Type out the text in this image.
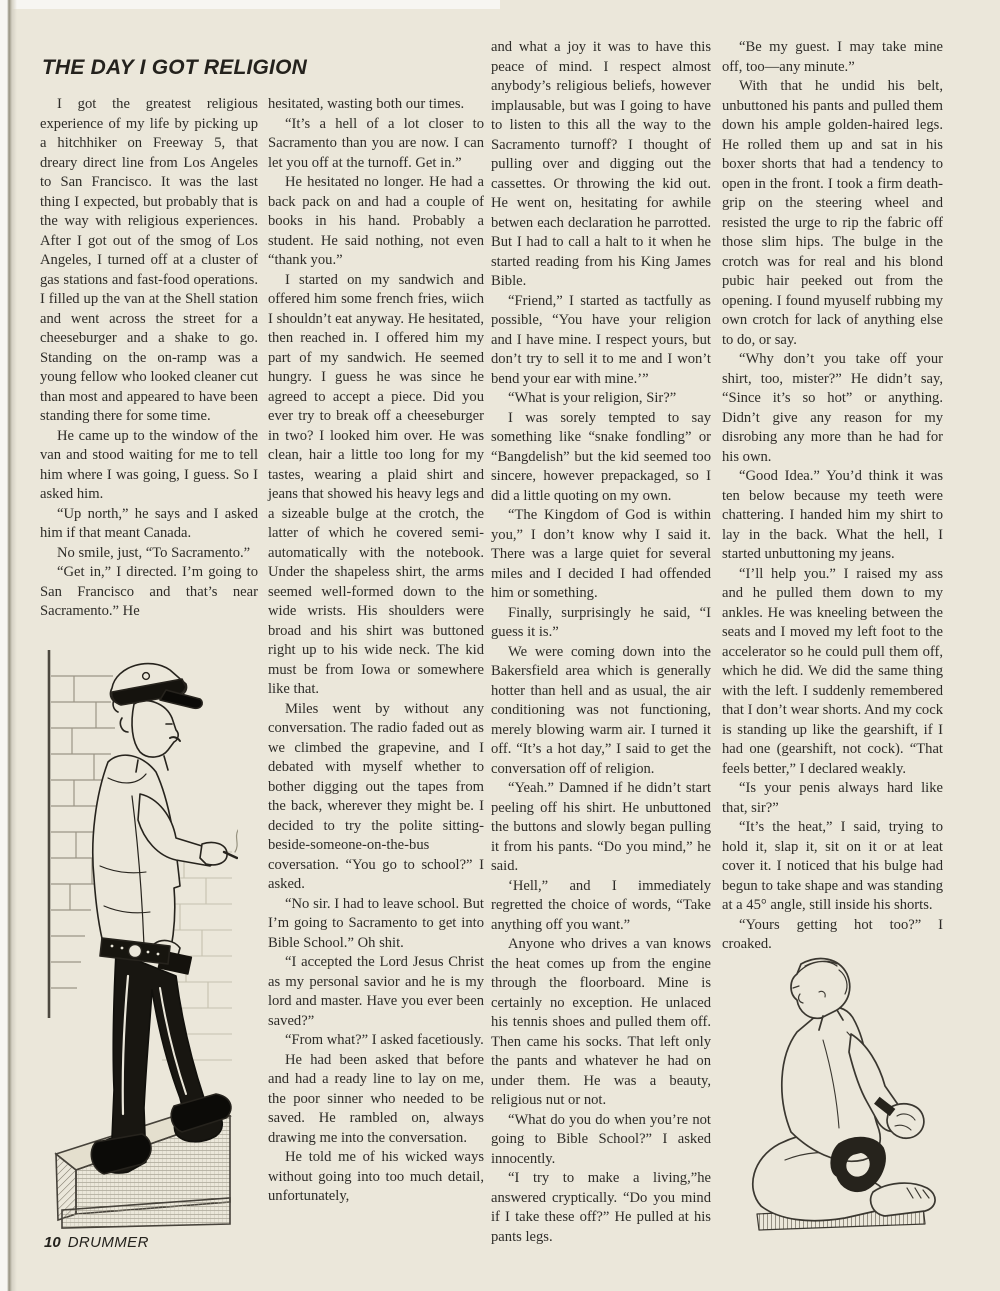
THE DAY I GOT RELIGION

I got the greatest religious experience of my life by picking up a hitchhiker on Freeway 5, that dreary direct line from Los Angeles to San Francisco. It was the last thing I expected, but probably that is the way with religious experiences. After I got out of the smog of Los Angeles, I turned off at a cluster of gas stations and fast-food operations. I filled up the van at the Shell station and went across the street for a cheeseburger and a shake to go. Standing on the on-ramp was a young fellow who looked cleaner cut than most and appeared to have been standing there for some time.

He came up to the window of the van and stood waiting for me to tell him where I was going, I guess. So I asked him.

“Up north,” he says and I asked him if that meant Canada.

No smile, just, “To Sacramento.”

“Get in,” I directed. I’m going to San Francisco and that’s near Sacramento.” He

hesitated, wasting both our times.

“It’s a hell of a lot closer to Sacramento than you are now. I can let you off at the turnoff. Get in.”

He hesitated no longer. He had a back pack on and had a couple of books in his hand. Probably a student. He said nothing, not even “thank you.”

I started on my sandwich and offered him some french fries, wiich I shouldn’t eat anyway. He hesitated, then reached in. I offered him my part of my sandwich. He seemed hungry. I guess he was since he agreed to accept a piece. Did you ever try to break off a cheeseburger in two? I looked him over. He was clean, hair a little too long for my tastes, wearing a plaid shirt and jeans that showed his heavy legs and a sizeable bulge at the crotch, the latter of which he covered semi-automatically with the notebook. Under the shapeless shirt, the arms seemed well-formed down to the wide wrists. His shoulders were broad and his shirt was buttoned right up to his wide neck. The kid must be from Iowa or somewhere like that.

Miles went by without any conversation. The radio faded out as we climbed the grapevine, and I debated with myself whether to bother digging out the tapes from the back, wherever they might be. I decided to try the polite sitting-beside-someone-on-the-bus coversation. “You go to school?” I asked.

“No sir. I had to leave school. But I’m going to Sacramento to get into Bible School.” Oh shit.

“I accepted the Lord Jesus Christ as my personal savior and he is my lord and master. Have you ever been saved?”

“From what?” I asked facetiously.

He had been asked that before and had a ready line to lay on me, the poor sinner who needed to be saved. He rambled on, always drawing me into the conversation.

He told me of his wicked ways without going into too much detail, unfortunately,

and what a joy it was to have this peace of mind. I respect almost anybody’s religious beliefs, however implausable, but was I going to have to listen to this all the way to the Sacramento turnoff? I thought of pulling over and digging out the cassettes. Or throwing the kid out. He went on, hesitating for awhile betwen each declaration he parrotted. But I had to call a halt to it when he started reading from his King James Bible.

“Friend,” I started as tactfully as possible, “You have your religion and I have mine. I respect yours, but don’t try to sell it to me and I won’t bend your ear with mine.’”

“What is your religion, Sir?”

I was sorely tempted to say something like “snake fondling” or “Bangdelish” but the kid seemed too sincere, however prepackaged, so I did a little quoting on my own.

“The Kingdom of God is within you,” I don’t know why I said it. There was a large quiet for several miles and I decided I had offended him or something.

Finally, surprisingly he said, “I guess it is.”

We were coming down into the Bakersfield area which is generally hotter than hell and as usual, the air conditioning was not functioning, merely blowing warm air. I turned it off. “It’s a hot day,” I said to get the conversation off of religion.

“Yeah.” Damned if he didn’t start peeling off his shirt. He unbuttoned the buttons and slowly began pulling it from his pants. “Do you mind,” he said.

‘Hell,” and I immediately regretted the choice of words, “Take anything off you want.”

Anyone who drives a van knows the heat comes up from the engine through the floorboard. Mine is certainly no exception. He unlaced his tennis shoes and pulled them off. Then came his socks. That left only the pants and whatever he had on under them. He was a beauty, religious nut or not.

“What do you do when you’re not going to Bible School?” I asked innocently.

“I try to make a living,”he answered cryptically. “Do you mind if I take these off?” He pulled at his pants legs.

“Be my guest. I may take mine off, too—any minute.”

With that he undid his belt, unbuttoned his pants and pulled them down his ample golden-haired legs. He rolled them up and sat in his boxer shorts that had a tendency to open in the front. I took a firm death-grip on the steering wheel and resisted the urge to rip the fabric off those slim hips. The bulge in the crotch was for real and his blond pubic hair peeked out from the opening. I found myuself rubbing my own crotch for lack of anything else to do, or say.

“Why don’t you take off your shirt, too, mister?” He didn’t say, “Since it’s so hot” or anything. Didn’t give any reason for my disrobing any more than he had for his own.

“Good Idea.” You’d think it was ten below because my teeth were chattering. I handed him my shirt to lay in the back. What the hell, I started unbuttoning my jeans.

“I’ll help you.” I raised my ass and he pulled them down to my ankles. He was kneeling between the seats and I moved my left foot to the accelerator so he could pull them off, which he did. We did the same thing with the left. I suddenly remembered that I don’t wear shorts. And my cock is standing up like the gearshift, if I had one (gearshift, not cock). “That feels better,” I declared weakly.

“Is your penis always hard like that, sir?”

“It’s the heat,” I said, trying to hold it, slap it, sit on it or at leat cover it. I noticed that his bulge had begun to take shape and was standing at a 45° angle, still inside his shorts.

“Yours getting hot too?” I croaked.

10 DRUMMER
